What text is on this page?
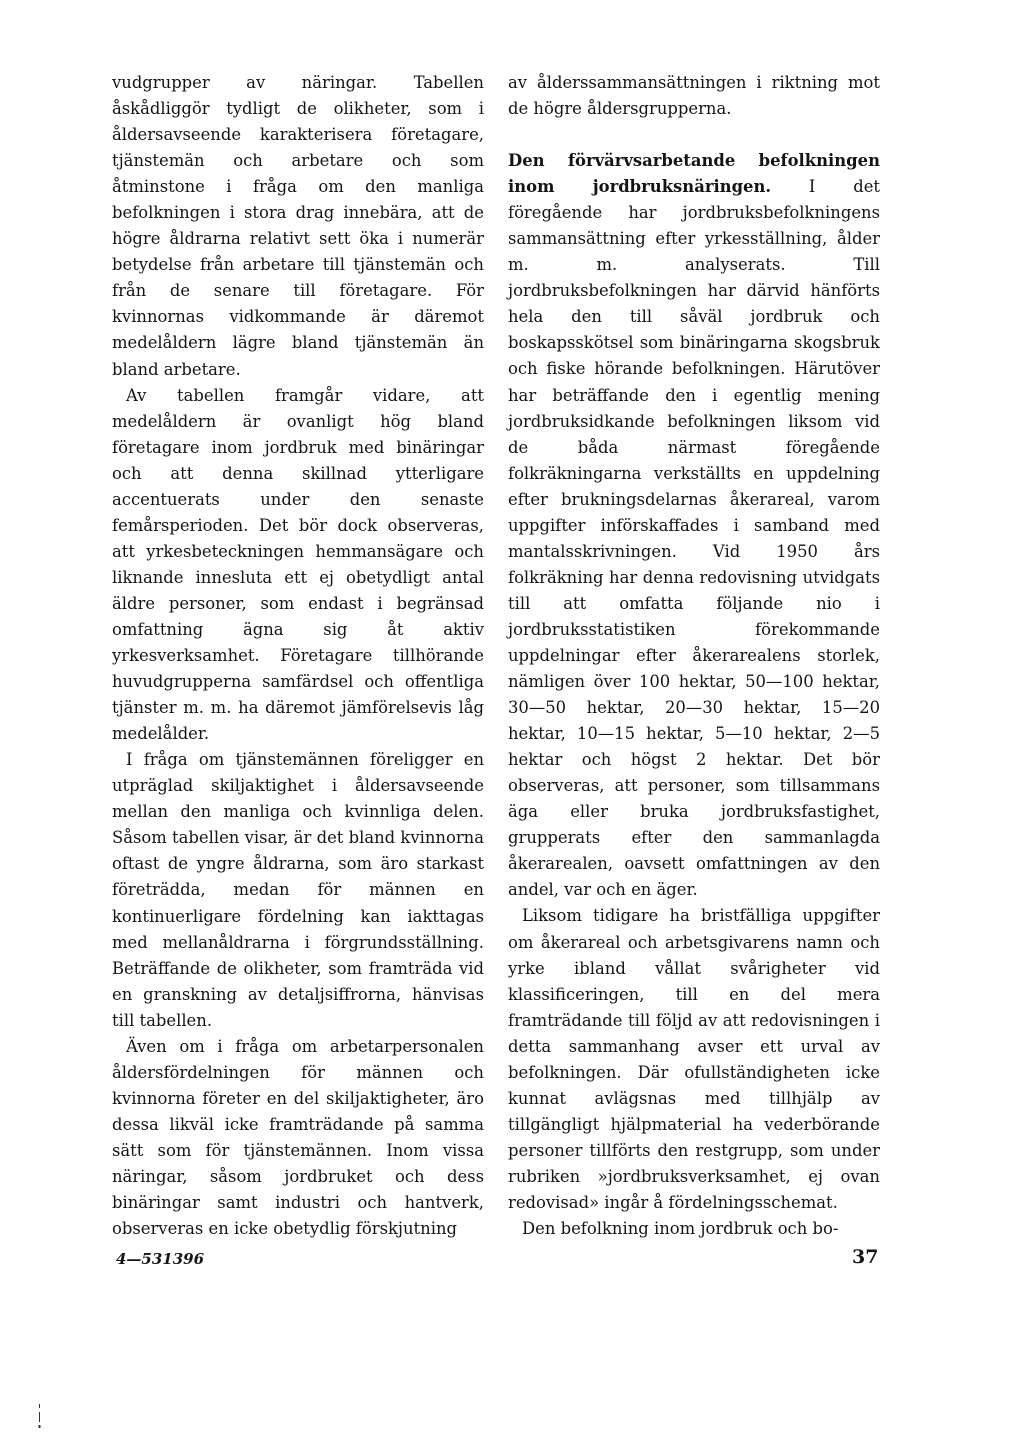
vudgrupper av näringar. Tabellen åskådliggör tydligt de olikheter, som i åldersavseende karakterisera företagare, tjänstemän och arbetare och som åtminstone i fråga om den manliga befolkningen i stora drag innebära, att de högre åldrarna relativt sett öka i numerär betydelse från arbetare till tjänstemän och från de senare till företagare. För kvinnornas vidkommande är däremot medelåldern lägre bland tjänstemän än bland arbetare.

Av tabellen framgår vidare, att medelåldern är ovanligt hög bland företagare inom jordbruk med binäringar och att denna skillnad ytterligare accentuerats under den senaste femårsperioden. Det bör dock observeras, att yrkesbeteckningen hemmansägare och liknande innesluta ett ej obetydligt antal äldre personer, som endast i begränsad omfattning ägna sig åt aktiv yrkesverksamhet. Företagare tillhörande huvudgrupperna samfärdsel och offentliga tjänster m. m. ha däremot jämförelsevis låg medelålder.

I fråga om tjänstemännen föreligger en utpräglad skiljaktighet i åldersavseende mellan den manliga och kvinnliga delen. Såsom tabellen visar, är det bland kvinnorna oftast de yngre åldrarna, som äro starkast företrädda, medan för männen en kontinuerligare fördelning kan iakttagas med mellanåldrarna i förgrundsställning. Beträffande de olikheter, som framträda vid en granskning av detaljsiffrorna, hänvisas till tabellen.

Även om i fråga om arbetarpersonalen åldersfördelningen för männen och kvinnorna företer en del skiljaktigheter, äro dessa likväl icke framträdande på samma sätt som för tjänstemännen. Inom vissa näringar, såsom jordbruket och dess binäringar samt industri och hantverk, observeras en icke obetydlig förskjutning

av ålderssammansättningen i riktning mot de högre åldersgrupperna.

Den förvärvsarbetande befolkningen inom jordbruksnäringen. I det föregående har jordbruksbefolkningens sammansättning efter yrkesställning, ålder m. m. analyserats. Till jordbruksbefolkningen har därvid hänförts hela den till såväl jordbruk och boskapsskötsel som binäringarna skogsbruk och fiske hörande befolkningen. Härutöver har beträffande den i egentlig mening jordbruksidkande befolkningen liksom vid de båda närmast föregående folkräkningarna verkställts en uppdelning efter brukningsdelarnas åkerareal, varom uppgifter införskaffades i samband med mantalsskrivningen. Vid 1950 års folkräkning har denna redovisning utvidgats till att omfatta följande nio i jordbruksstatistiken förekommande uppdelningar efter åkerarealens storlek, nämligen över 100 hektar, 50—100 hektar, 30—50 hektar, 20—30 hektar, 15—20 hektar, 10—15 hektar, 5—10 hektar, 2—5 hektar och högst 2 hektar. Det bör observeras, att personer, som tillsammans äga eller bruka jordbruksfastighet, grupperats efter den sammanlagda åkerarealen, oavsett omfattningen av den andel, var och en äger.

Liksom tidigare ha bristfälliga uppgifter om åkerareal och arbetsgivarens namn och yrke ibland vållat svårigheter vid klassificeringen, till en del mera framträdande till följd av att redovisningen i detta sammanhang avser ett urval av befolkningen. Där ofullständigheten icke kunnat avlägsnas med tillhjälp av tillgängligt hjälpmaterial ha vederbörande personer tillförts den restgrupp, som under rubriken »jordbruksverksamhet, ej ovan redovisad» ingår å fördelningsschemat.

Den befolkning inom jordbruk och bo-

4—531396	37
